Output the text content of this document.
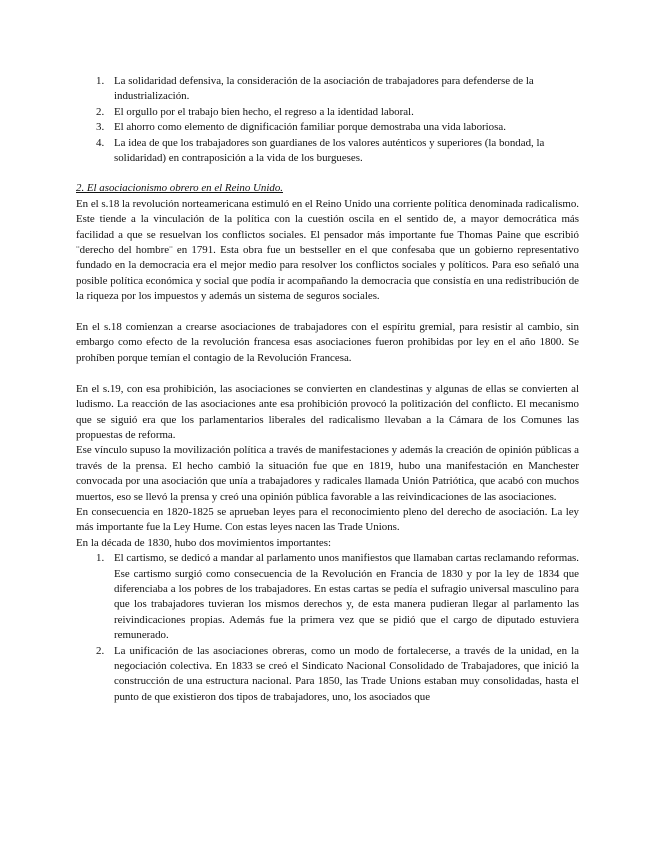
1. La solidaridad defensiva, la consideración de la asociación de trabajadores para defenderse de la industrialización.
2. El orgullo por el trabajo bien hecho, el regreso a la identidad laboral.
3. El ahorro como elemento de dignificación familiar porque demostraba una vida laboriosa.
4. La idea de que los trabajadores son guardianes de los valores auténticos y superiores (la bondad, la solidaridad) en contraposición a la vida de los burgueses.
2. El asociacionismo obrero en el Reino Unido.

En el s.18 la revolución norteamericana estimuló en el Reino Unido una corriente política denominada radicalismo. Este tiende a la vinculación de la política con la cuestión oscila en el sentido de, a mayor democrática más facilidad a que se resuelvan los conflictos sociales. El pensador más importante fue Thomas Paine que escribió ¨derecho del hombre¨ en 1791. Esta obra fue un bestseller en el que confesaba que un gobierno representativo fundado en la democracia era el mejor medio para resolver los conflictos sociales y políticos. Para eso señaló una posible política económica y social que podía ir acompañando la democracia que consistía en una redistribución de la riqueza por los impuestos y además un sistema de seguros sociales.

En el s.18 comienzan a crearse asociaciones de trabajadores con el espíritu gremial, para resistir al cambio, sin embargo como efecto de la revolución francesa esas asociaciones fueron prohibidas por ley en el año 1800. Se prohíben porque temían el contagio de la Revolución Francesa.

En el s.19, con esa prohibición, las asociaciones se convierten en clandestinas y algunas de ellas se convierten al ludismo. La reacción de las asociaciones ante esa prohibición provocó la politización del conflicto. El mecanismo que se siguió era que los parlamentarios liberales del radicalismo llevaban a la Cámara de los Comunes las propuestas de reforma.

Ese vínculo supuso la movilización política a través de manifestaciones y además la creación de opinión públicas a través de la prensa. El hecho cambió la situación fue que en 1819, hubo una manifestación en Manchester convocada por una asociación que unía a trabajadores y radicales llamada Unión Patriótica, que acabó con muchos muertos, eso se llevó la prensa y creó una opinión pública favorable a las reivindicaciones de las asociaciones.

En consecuencia en 1820-1825 se aprueban leyes para el reconocimiento pleno del derecho de asociación. La ley más importante fue la Ley Hume. Con estas leyes nacen las Trade Unions.

En la década de 1830, hubo dos movimientos importantes:

1. El cartismo, se dedicó a mandar al parlamento unos manifiestos que llamaban cartas reclamando reformas. Ese cartismo surgió como consecuencia de la Revolución en Francia de 1830 y por la ley de 1834 que diferenciaba a los pobres de los trabajadores. En estas cartas se pedía el sufragio universal masculino para que los trabajadores tuvieran los mismos derechos y, de esta manera pudieran llegar al parlamento las reivindicaciones propias. Además fue la primera vez que se pidió que el cargo de diputado estuviera remunerado.

2. La unificación de las asociaciones obreras, como un modo de fortalecerse, a través de la unidad, en la negociación colectiva. En 1833 se creó el Sindicato Nacional Consolidado de Trabajadores, que inició la construcción de una estructura nacional. Para 1850, las Trade Unions estaban muy consolidadas, hasta el punto de que existieron dos tipos de trabajadores, uno, los asociados que
